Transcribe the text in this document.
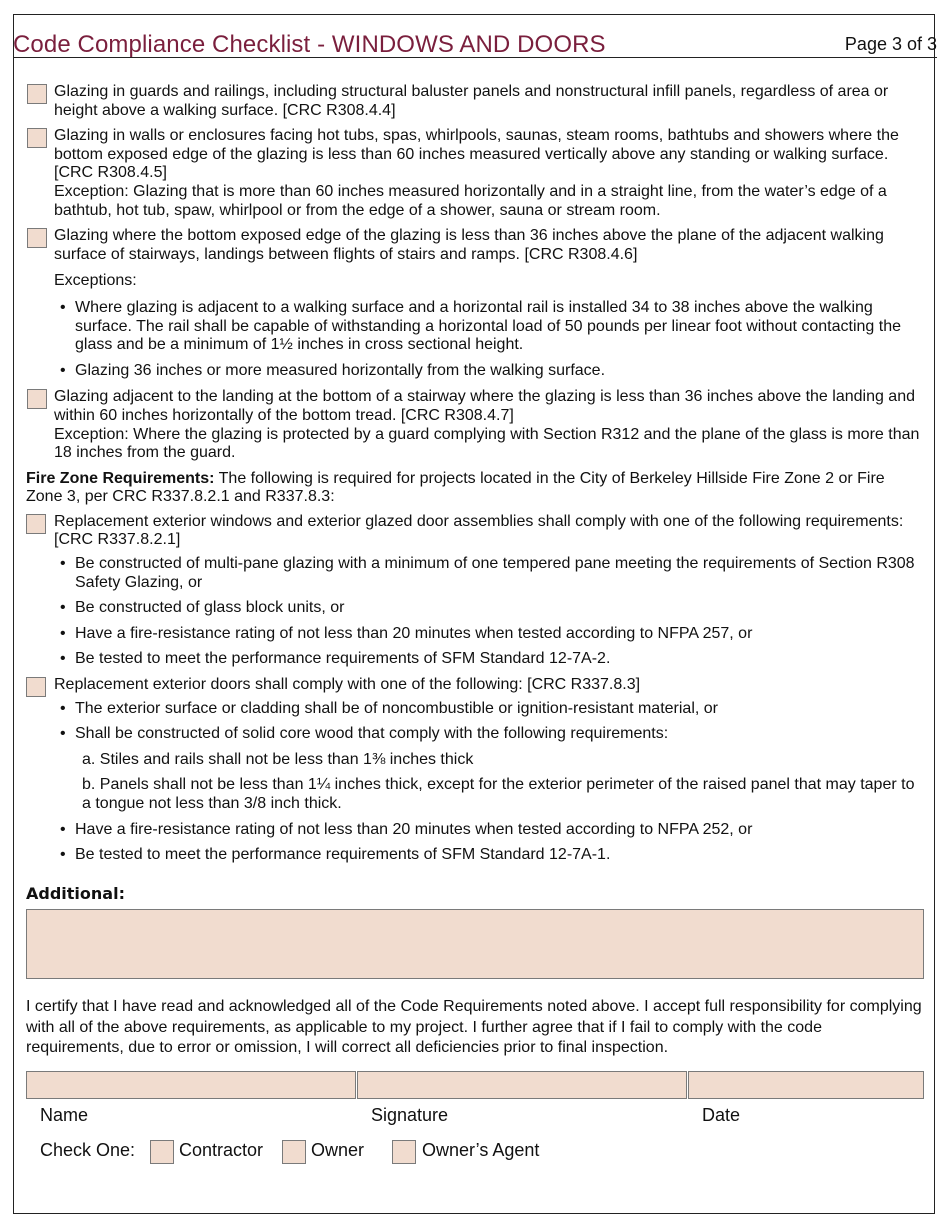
Code Compliance Checklist - WINDOWS AND DOORS	Page 3 of 3
Glazing in guards and railings, including structural baluster panels and nonstructural infill panels, regardless of area or height above a walking surface. [CRC R308.4.4]
Glazing in walls or enclosures facing hot tubs, spas, whirlpools, saunas, steam rooms, bathtubs and showers where the bottom exposed edge of the glazing is less than 60 inches measured vertically above any standing or walking surface. [CRC R308.4.5]
Exception: Glazing that is more than 60 inches measured horizontally and in a straight line, from the water’s edge of a bathtub, hot tub, spaw, whirlpool or from the edge of a shower, sauna or stream room.
Glazing where the bottom exposed edge of the glazing is less than 36 inches above the plane of the adjacent walking surface of stairways, landings between flights of stairs and ramps. [CRC R308.4.6]
Exceptions:
• Where glazing is adjacent to a walking surface and a horizontal rail is installed 34 to 38 inches above the walking surface. The rail shall be capable of withstanding a horizontal load of 50 pounds per linear foot without contacting the glass and be a minimum of 1½ inches in cross sectional height.
• Glazing 36 inches or more measured horizontally from the walking surface.
Glazing adjacent to the landing at the bottom of a stairway where the glazing is less than 36 inches above the landing and within 60 inches horizontally of the bottom tread. [CRC R308.4.7]
Exception: Where the glazing is protected by a guard complying with Section R312 and the plane of the glass is more than 18 inches from the guard.
Fire Zone Requirements: The following is required for projects located in the City of Berkeley Hillside Fire Zone 2 or Fire Zone 3, per CRC R337.8.2.1 and R337.8.3:
Replacement exterior windows and exterior glazed door assemblies shall comply with one of the following requirements: [CRC R337.8.2.1]
• Be constructed of multi-pane glazing with a minimum of one tempered pane meeting the requirements of Section R308 Safety Glazing, or
• Be constructed of glass block units, or
• Have a fire-resistance rating of not less than 20 minutes when tested according to NFPA 257, or
• Be tested to meet the performance requirements of SFM Standard 12-7A-2.
Replacement exterior doors shall comply with one of the following: [CRC R337.8.3]
• The exterior surface or cladding shall be of noncombustible or ignition-resistant material, or
• Shall be constructed of solid core wood that comply with the following requirements:
a. Stiles and rails shall not be less than 1⅜ inches thick
b. Panels shall not be less than 1¼ inches thick, except for the exterior perimeter of the raised panel that may taper to a tongue not less than 3/8 inch thick.
• Have a fire-resistance rating of not less than 20 minutes when tested according to NFPA 252, or
• Be tested to meet the performance requirements of SFM Standard 12-7A-1.
Additional:
I certify that I have read and acknowledged all of the Code Requirements noted above. I accept full responsibility for complying with all of the above requirements, as applicable to my project. I further agree that if I fail to comply with the code requirements, due to error or omission, I will correct all deficiencies prior to final inspection.
Name	Signature	Date
Check One: Contractor	Owner	Owner’s Agent
